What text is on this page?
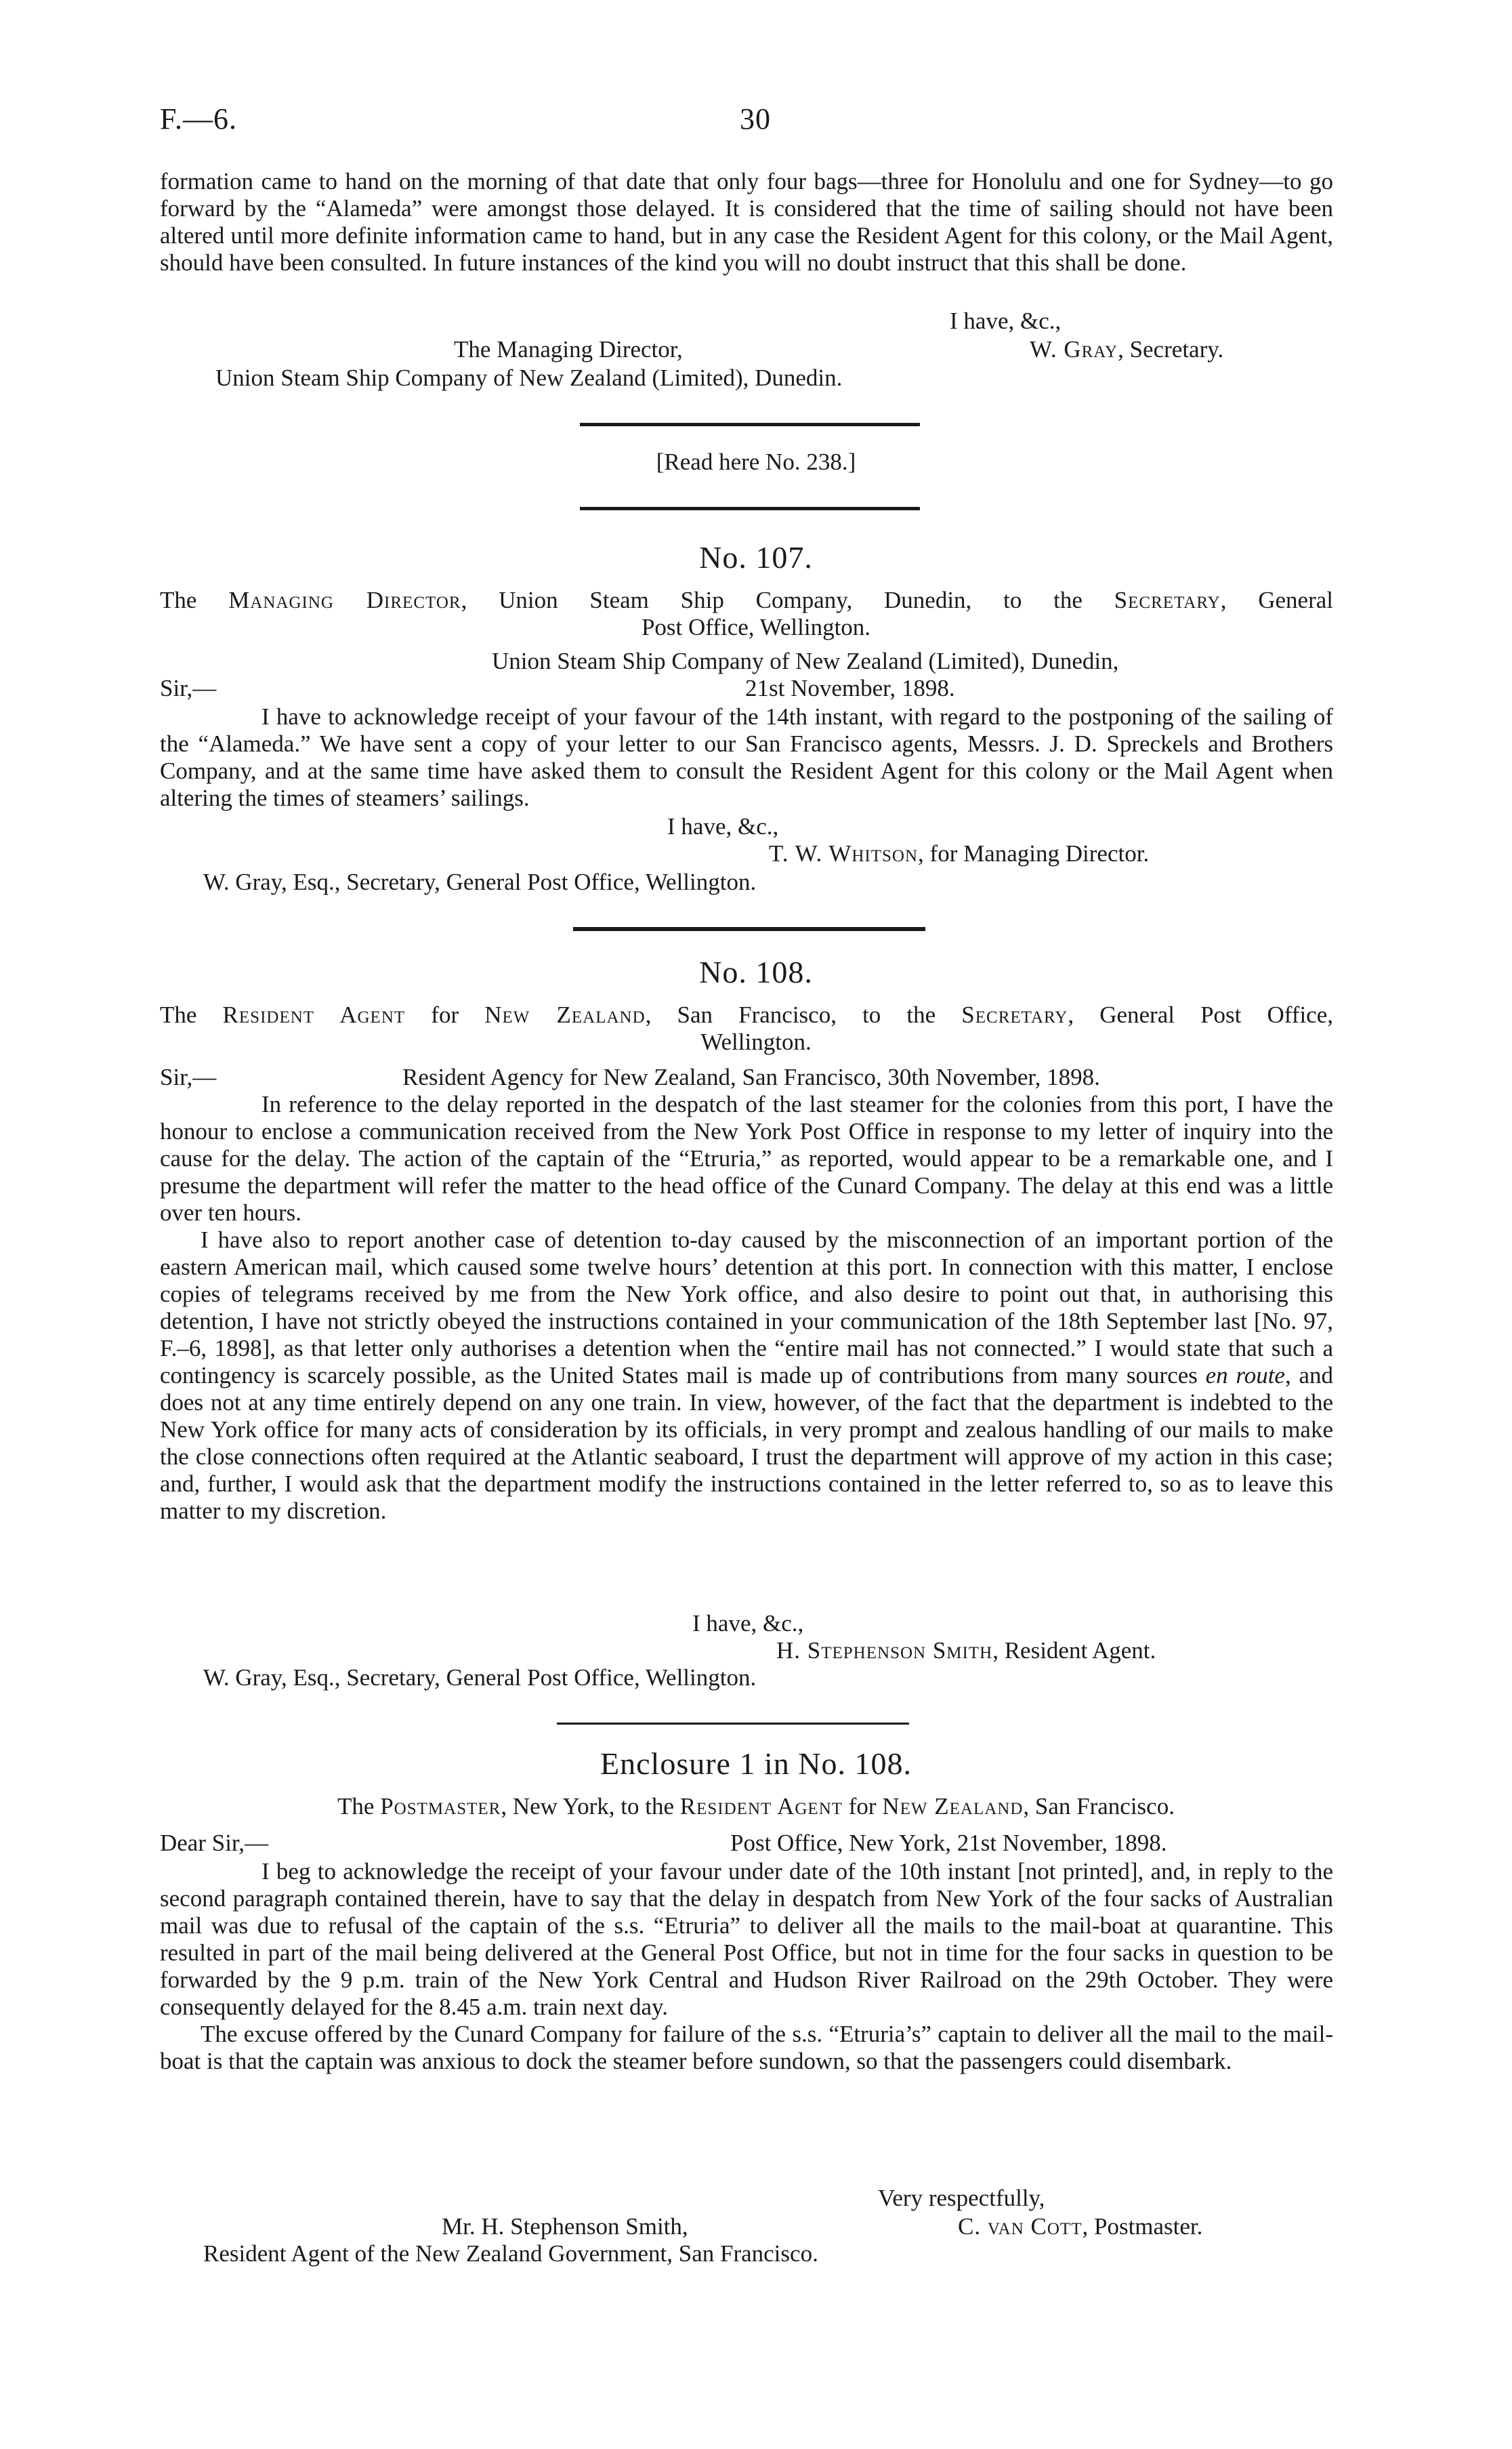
F.—6.	30

formation came to hand on the morning of that date that only four bags—three for Honolulu and one for Sydney—to go forward by the “Alameda” were amongst those delayed. It is considered that the time of sailing should not have been altered until more definite information came to hand, but in any case the Resident Agent for this colony, or the Mail Agent, should have been consulted. In future instances of the kind you will no doubt instruct that this shall be done.

I have, &c.,
The Managing Director,	W. Gray, Secretary.
Union Steam Ship Company of New Zealand (Limited), Dunedin.
[Read here No. 238.]
No. 107.

The Managing Director, Union Steam Ship Company, Dunedin, to the Secretary, General

Post Office, Wellington.
Union Steam Ship Company of New Zealand (Limited), Dunedin,
Sir,—	21st November, 1898.

I have to acknowledge receipt of your favour of the 14th instant, with regard to the postponing of the sailing of the “Alameda.” We have sent a copy of your letter to our San Francisco agents, Messrs. J. D. Spreckels and Brothers Company, and at the same time have asked them to consult the Resident Agent for this colony or the Mail Agent when altering the times of steamers’ sailings.

I have, &c.,
T. W. Whitson, for Managing Director.
W. Gray, Esq., Secretary, General Post Office, Wellington.
No. 108.

The Resident Agent for New Zealand, San Francisco, to the Secretary, General Post Office,

Wellington.
Sir,—	Resident Agency for New Zealand, San Francisco, 30th November, 1898.

In reference to the delay reported in the despatch of the last steamer for the colonies from this port, I have the honour to enclose a communication received from the New York Post Office in response to my letter of inquiry into the cause for the delay. The action of the captain of the “Etruria,” as reported, would appear to be a remarkable one, and I presume the department will refer the matter to the head office of the Cunard Company. The delay at this end was a little over ten hours.

I have also to report another case of detention to-day caused by the misconnection of an important portion of the eastern American mail, which caused some twelve hours’ detention at this port. In connection with this matter, I enclose copies of telegrams received by me from the New York office, and also desire to point out that, in authorising this detention, I have not strictly obeyed the instructions contained in your communication of the 18th September last [No. 97, F.–6, 1898], as that letter only authorises a detention when the “entire mail has not connected.” I would state that such a contingency is scarcely possible, as the United States mail is made up of contributions from many sources en route, and does not at any time entirely depend on any one train. In view, however, of the fact that the department is indebted to the New York office for many acts of consideration by its officials, in very prompt and zealous handling of our mails to make the close connections often required at the Atlantic seaboard, I trust the department will approve of my action in this case; and, further, I would ask that the department modify the instructions contained in the letter referred to, so as to leave this matter to my discretion.

I have, &c.,
H. Stephenson Smith, Resident Agent.
W. Gray, Esq., Secretary, General Post Office, Wellington.
Enclosure 1 in No. 108.
The Postmaster, New York, to the Resident Agent for New Zealand, San Francisco.
Dear Sir,—	Post Office, New York, 21st November, 1898.

I beg to acknowledge the receipt of your favour under date of the 10th instant [not printed], and, in reply to the second paragraph contained therein, have to say that the delay in despatch from New York of the four sacks of Australian mail was due to refusal of the captain of the s.s. “Etruria” to deliver all the mails to the mail-boat at quarantine. This resulted in part of the mail being delivered at the General Post Office, but not in time for the four sacks in question to be forwarded by the 9 p.m. train of the New York Central and Hudson River Railroad on the 29th October. They were consequently delayed for the 8.45 a.m. train next day.

The excuse offered by the Cunard Company for failure of the s.s. “Etruria’s” captain to deliver all the mail to the mail-boat is that the captain was anxious to dock the steamer before sundown, so that the passengers could disembark.

Very respectfully,
Mr. H. Stephenson Smith,	C. van Cott, Postmaster.
Resident Agent of the New Zealand Government, San Francisco.
